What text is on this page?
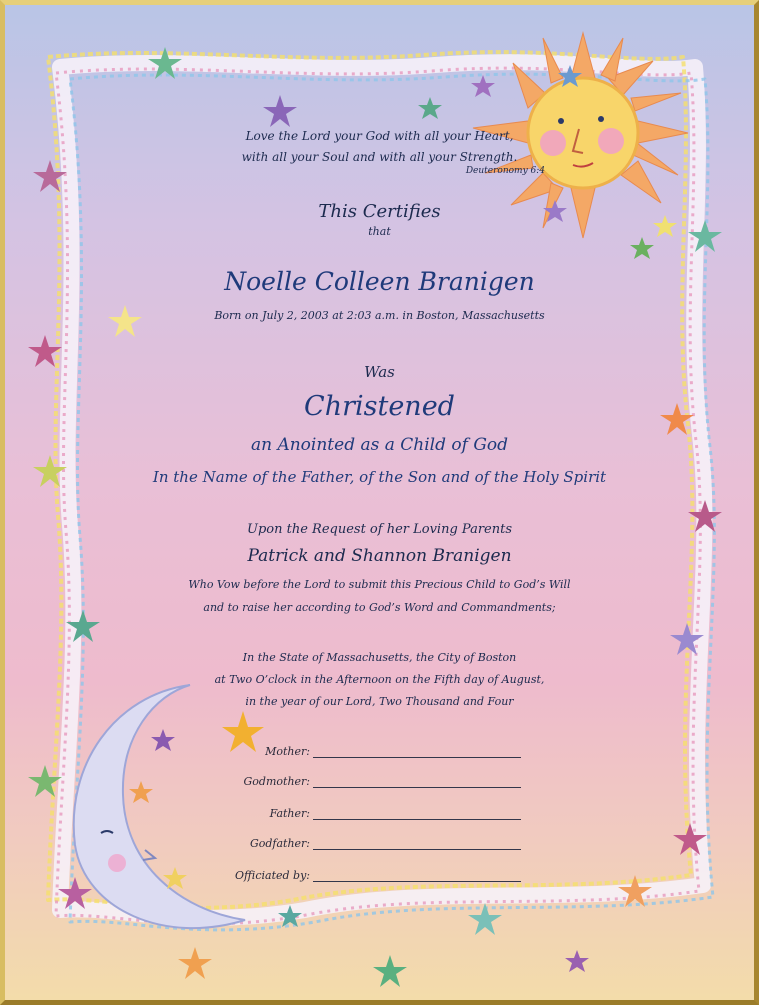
Love the Lord your God with all your Heart,
with all your Soul and with all your Strength.
Deuteronomy 6:4
This Certifies
that
Noelle Colleen Branigen
Born on July 2, 2003 at 2:03 a.m. in Boston, Massachusetts
Was
Christened
an Anointed as a Child of God
In the Name of the Father, of the Son and of the Holy Spirit
Upon the Request of her Loving Parents
Patrick and Shannon Branigen
Who Vow before the Lord to submit this Precious Child to God’s Will
and to raise her according to God’s Word and Commandments;
In the State of Massachusetts, the City of Boston
at Two O’clock in the Afternoon on the Fifth day of August,
in the year of our Lord, Two Thousand and Four
Mother:
Godmother:
Father:
Godfather:
Officiated by:
